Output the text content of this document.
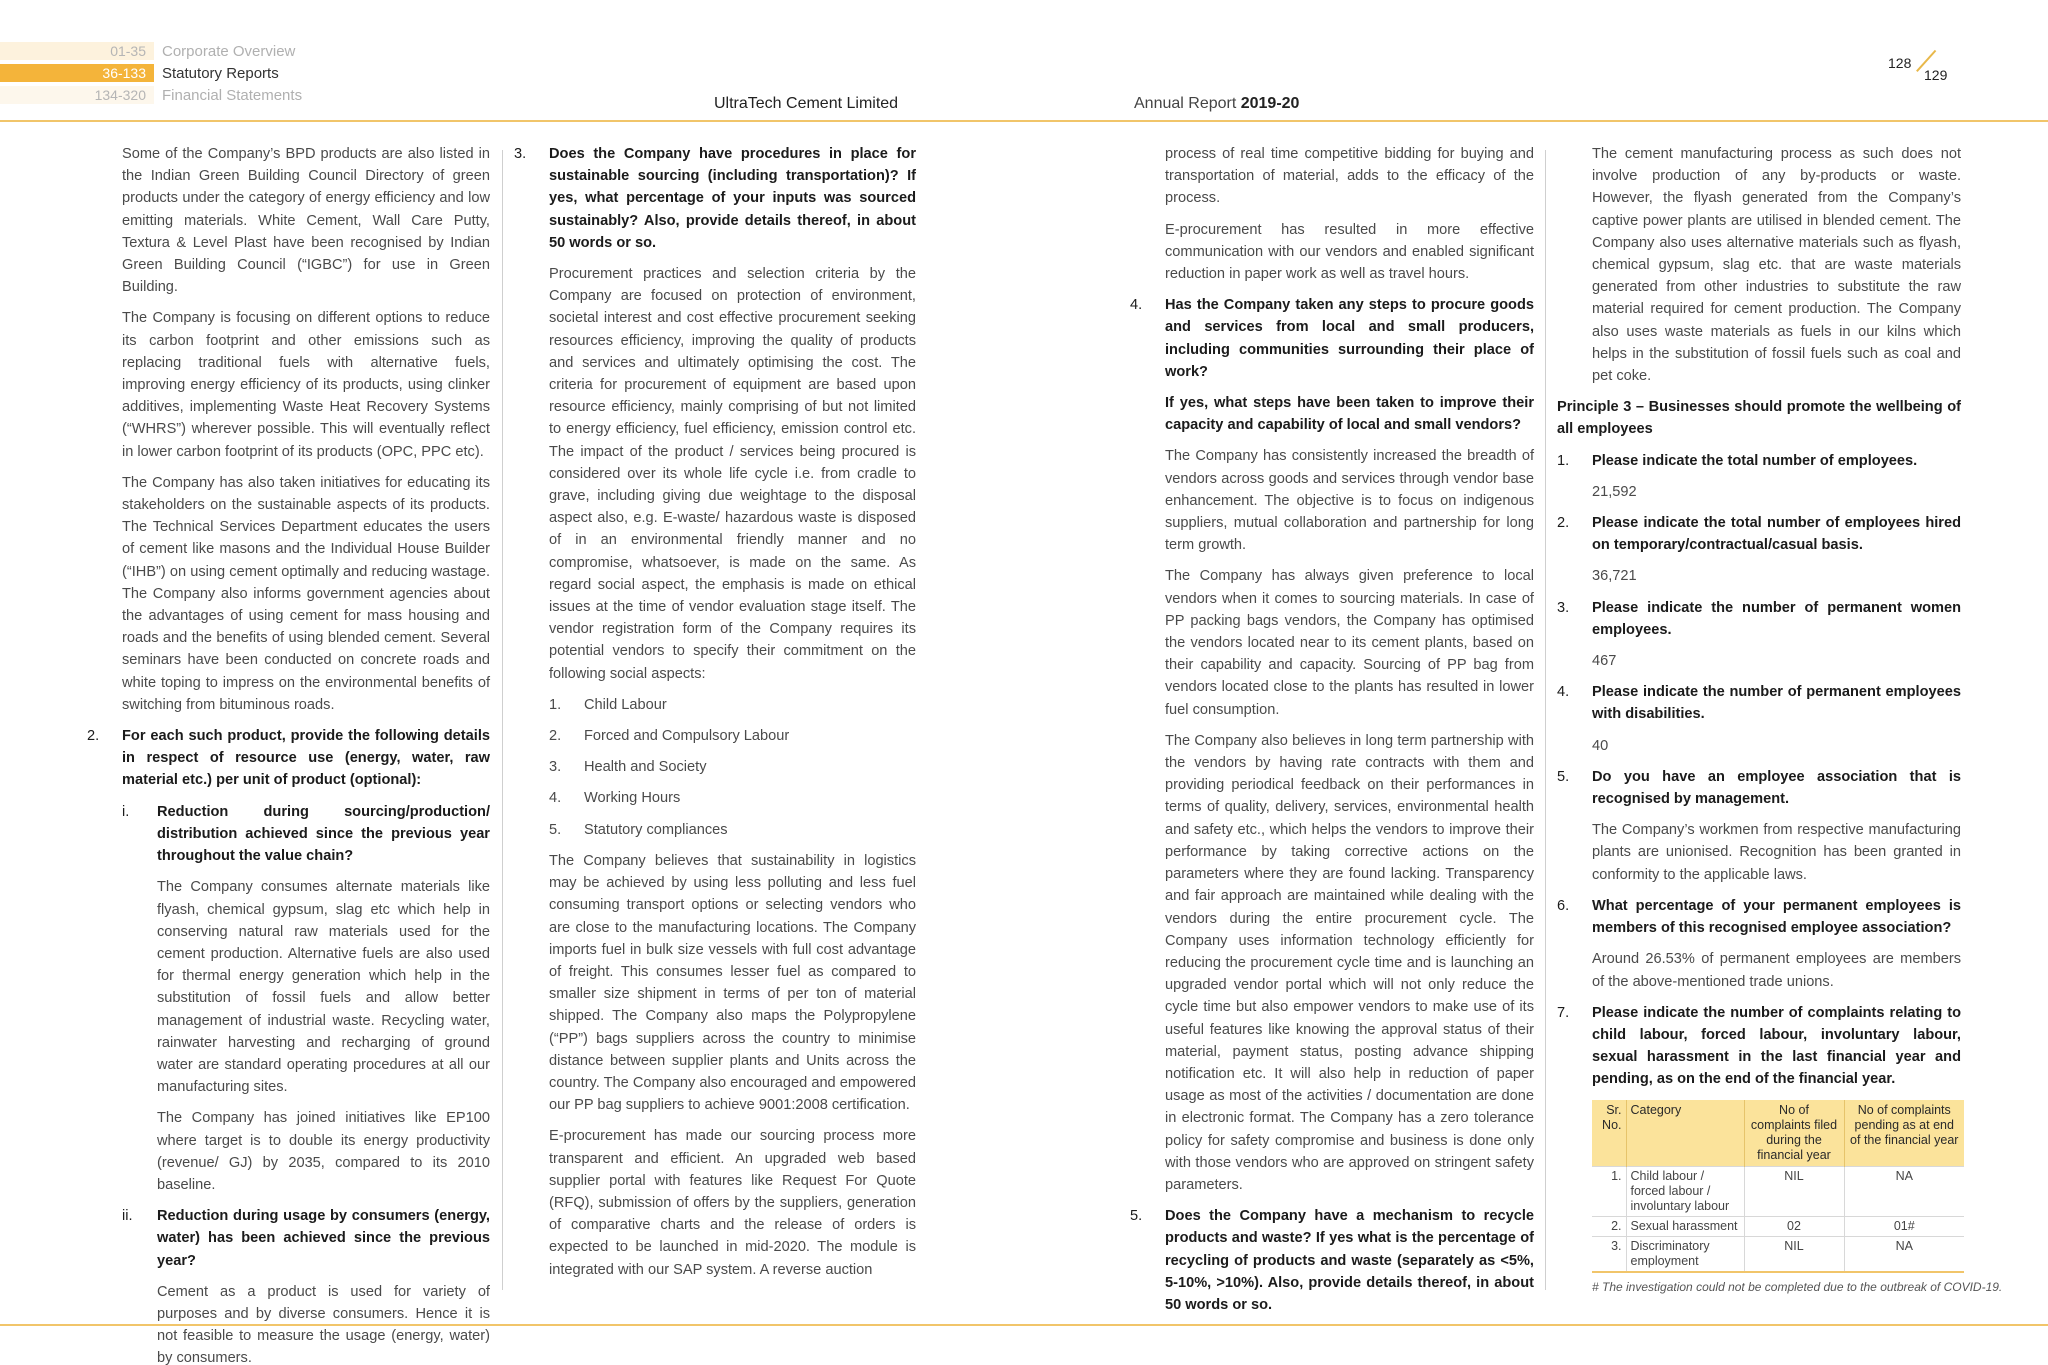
01-35	Corporate Overview
36-133	Statutory Reports
134-320	Financial Statements	UltraTech Cement Limited	Annual Report 2019-20
128
129

Some of the Company’s BPD products are also listed in the Indian Green Building Council Directory of green products under the category of energy efficiency and low emitting materials. White Cement, Wall Care Putty, Textura & Level Plast have been recognised by Indian Green Building Council (“IGBC”) for use in Green Building.

The Company is focusing on different options to reduce its carbon footprint and other emissions such as replacing traditional fuels with alternative fuels, improving energy efficiency of its products, using clinker additives, implementing Waste Heat Recovery Systems (“WHRS”) wherever possible. This will eventually reflect in lower carbon footprint of its products (OPC, PPC etc).

The Company has also taken initiatives for educating its stakeholders on the sustainable aspects of its products. The Technical Services Department educates the users of cement like masons and the Individual House Builder (“IHB”) on using cement optimally and reducing wastage. The Company also informs government agencies about the advantages of using cement for mass housing and roads and the benefits of using blended cement. Several seminars have been conducted on concrete roads and white toping to impress on the environmental benefits of switching from bituminous roads.

2. For each such product, provide the following details in respect of resource use (energy, water, raw material etc.) per unit of product (optional):
i. Reduction during sourcing/production/ distribution achieved since the previous year throughout the value chain?

The Company consumes alternate materials like flyash, chemical gypsum, slag etc which help in conserving natural raw materials used for the cement production. Alternative fuels are also used for thermal energy generation which help in the substitution of fossil fuels and allow better management of industrial waste. Recycling water, rainwater harvesting and recharging of ground water are standard operating procedures at all our manufacturing sites.

The Company has joined initiatives like EP100 where target is to double its energy productivity (revenue/ GJ) by 2035, compared to its 2010 baseline.

ii. Reduction during usage by consumers (energy, water) has been achieved since the previous year?

Cement as a product is used for variety of purposes and by diverse consumers. Hence it is not feasible to measure the usage (energy, water) by consumers.

3. Does the Company have procedures in place for sustainable sourcing (including transportation)? If yes, what percentage of your inputs was sourced sustainably? Also, provide details thereof, in about 50 words or so.

Procurement practices and selection criteria by the Company are focused on protection of environment, societal interest and cost effective procurement seeking resources efficiency, improving the quality of products and services and ultimately optimising the cost. The criteria for procurement of equipment are based upon resource efficiency, mainly comprising of but not limited to energy efficiency, fuel efficiency, emission control etc. The impact of the product / services being procured is considered over its whole life cycle i.e. from cradle to grave, including giving due weightage to the disposal aspect also, e.g. E-waste/ hazardous waste is disposed of in an environmental friendly manner and no compromise, whatsoever, is made on the same. As regard social aspect, the emphasis is made on ethical issues at the time of vendor evaluation stage itself. The vendor registration form of the Company requires its potential vendors to specify their commitment on the following social aspects:

1. Child Labour
2. Forced and Compulsory Labour
3. Health and Society
4. Working Hours
5. Statutory compliances

The Company believes that sustainability in logistics may be achieved by using less polluting and less fuel consuming transport options or selecting vendors who are close to the manufacturing locations. The Company imports fuel in bulk size vessels with full cost advantage of freight. This consumes lesser fuel as compared to smaller size shipment in terms of per ton of material shipped. The Company also maps the Polypropylene (“PP”) bags suppliers across the country to minimise distance between supplier plants and Units across the country. The Company also encouraged and empowered our PP bag suppliers to achieve 9001:2008 certification.

E-procurement has made our sourcing process more transparent and efficient. An upgraded web based supplier portal with features like Request For Quote (RFQ), submission of offers by the suppliers, generation of comparative charts and the release of orders is expected to be launched in mid-2020. The module is integrated with our SAP system. A reverse auction

process of real time competitive bidding for buying and transportation of material, adds to the efficacy of the process.

E-procurement has resulted in more effective communication with our vendors and enabled significant reduction in paper work as well as travel hours.

4. Has the Company taken any steps to procure goods and services from local and small producers, including communities surrounding their place of work?
If yes, what steps have been taken to improve their capacity and capability of local and small vendors?

The Company has consistently increased the breadth of vendors across goods and services through vendor base enhancement. The objective is to focus on indigenous suppliers, mutual collaboration and partnership for long term growth.

The Company has always given preference to local vendors when it comes to sourcing materials. In case of PP packing bags vendors, the Company has optimised the vendors located near to its cement plants, based on their capability and capacity. Sourcing of PP bag from vendors located close to the plants has resulted in lower fuel consumption.

The Company also believes in long term partnership with the vendors by having rate contracts with them and providing periodical feedback on their performances in terms of quality, delivery, services, environmental health and safety etc., which helps the vendors to improve their performance by taking corrective actions on the parameters where they are found lacking. Transparency and fair approach are maintained while dealing with the vendors during the entire procurement cycle. The Company uses information technology efficiently for reducing the procurement cycle time and is launching an upgraded vendor portal which will not only reduce the cycle time but also empower vendors to make use of its useful features like knowing the approval status of their material, payment status, posting advance shipping notification etc. It will also help in reduction of paper usage as most of the activities / documentation are done in electronic format. The Company has a zero tolerance policy for safety compromise and business is done only with those vendors who are approved on stringent safety parameters.

5. Does the Company have a mechanism to recycle products and waste? If yes what is the percentage of recycling of products and waste (separately as <5%, 5-10%, >10%). Also, provide details thereof, in about 50 words or so.

The cement manufacturing process as such does not involve production of any by-products or waste. However, the flyash generated from the Company’s captive power plants are utilised in blended cement. The Company also uses alternative materials such as flyash, chemical gypsum, slag etc. that are waste materials generated from other industries to substitute the raw material required for cement production. The Company also uses waste materials as fuels in our kilns which helps in the substitution of fossil fuels such as coal and pet coke.

Principle 3 – Businesses should promote the wellbeing of all employees
1. Please indicate the total number of employees.

21,592

2. Please indicate the total number of employees hired on temporary/contractual/casual basis.

36,721

3. Please indicate the number of permanent women employees.

467

4. Please indicate the number of permanent employees with disabilities.

40

5. Do you have an employee association that is recognised by management.

The Company’s workmen from respective manufacturing plants are unionised. Recognition has been granted in conformity to the applicable laws.

6. What percentage of your permanent employees is members of this recognised employee association?

Around 26.53% of permanent employees are members of the above-mentioned trade unions.

7. Please indicate the number of complaints relating to child labour, forced labour, involuntary labour, sexual harassment in the last financial year and pending, as on the end of the financial year.
Sr. No.	Category	No of complaints filed during the financial year	No of complaints pending as at end of the financial year
1.	Child labour / forced labour / involuntary labour	NIL	NA
2.	Sexual harassment	02	01#
3.	Discriminatory employment	NIL	NA
# The investigation could not be completed due to the outbreak of COVID-19.
